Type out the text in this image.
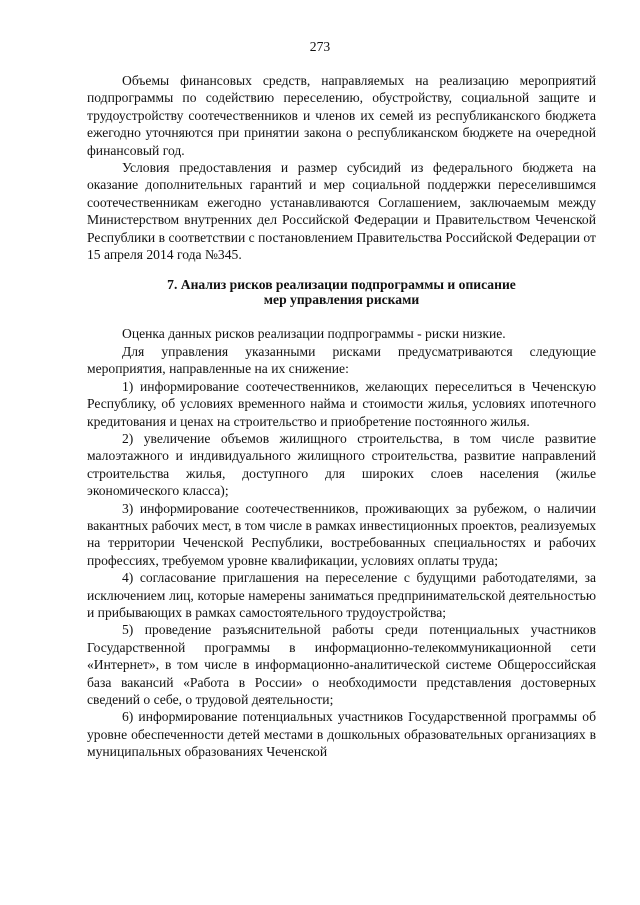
273

Объемы финансовых средств, направляемых на реализацию мероприятий подпрограммы по содействию переселению, обустройству, социальной защите и трудоустройству соотечественников и членов их семей из республиканского бюджета ежегодно уточняются при принятии закона о республиканском бюджете на очередной финансовый год.

Условия предоставления и размер субсидий из федерального бюджета на оказание дополнительных гарантий и мер социальной поддержки переселившимся соотечественникам ежегодно устанавливаются Соглашением, заключаемым между Министерством внутренних дел Российской Федерации и Правительством Чеченской Республики в соответствии с постановлением Правительства Российской Федерации от 15 апреля 2014 года №345.

7. Анализ рисков реализации подпрограммы и описание
мер управления рисками

Оценка данных рисков реализации подпрограммы - риски низкие.

Для управления указанными рисками предусматриваются следующие мероприятия, направленные на их снижение:

1) информирование соотечественников, желающих переселиться в Чеченскую Республику, об условиях временного найма и стоимости жилья, условиях ипотечного кредитования и ценах на строительство и приобретение постоянного жилья.

2) увеличение объемов жилищного строительства, в том числе развитие малоэтажного и индивидуального жилищного строительства, развитие направлений строительства жилья, доступного для широких слоев населения (жилье экономического класса);

3) информирование соотечественников, проживающих за рубежом, о наличии вакантных рабочих мест, в том числе в рамках инвестиционных проектов, реализуемых на территории Чеченской Республики, востребованных специальностях и рабочих профессиях, требуемом уровне квалификации, условиях оплаты труда;

4) согласование приглашения на переселение с будущими работодателями, за исключением лиц, которые намерены заниматься предпринимательской деятельностью и прибывающих в рамках самостоятельного трудоустройства;

5) проведение разъяснительной работы среди потенциальных участников Государственной программы в информационно-телекоммуникационной сети «Интернет», в том числе в информационно-аналитической системе Общероссийская база вакансий «Работа в России» о необходимости представления достоверных сведений о себе, о трудовой деятельности;

6) информирование потенциальных участников Государственной программы об уровне обеспеченности детей местами в дошкольных образовательных организациях в муниципальных образованиях Чеченской
